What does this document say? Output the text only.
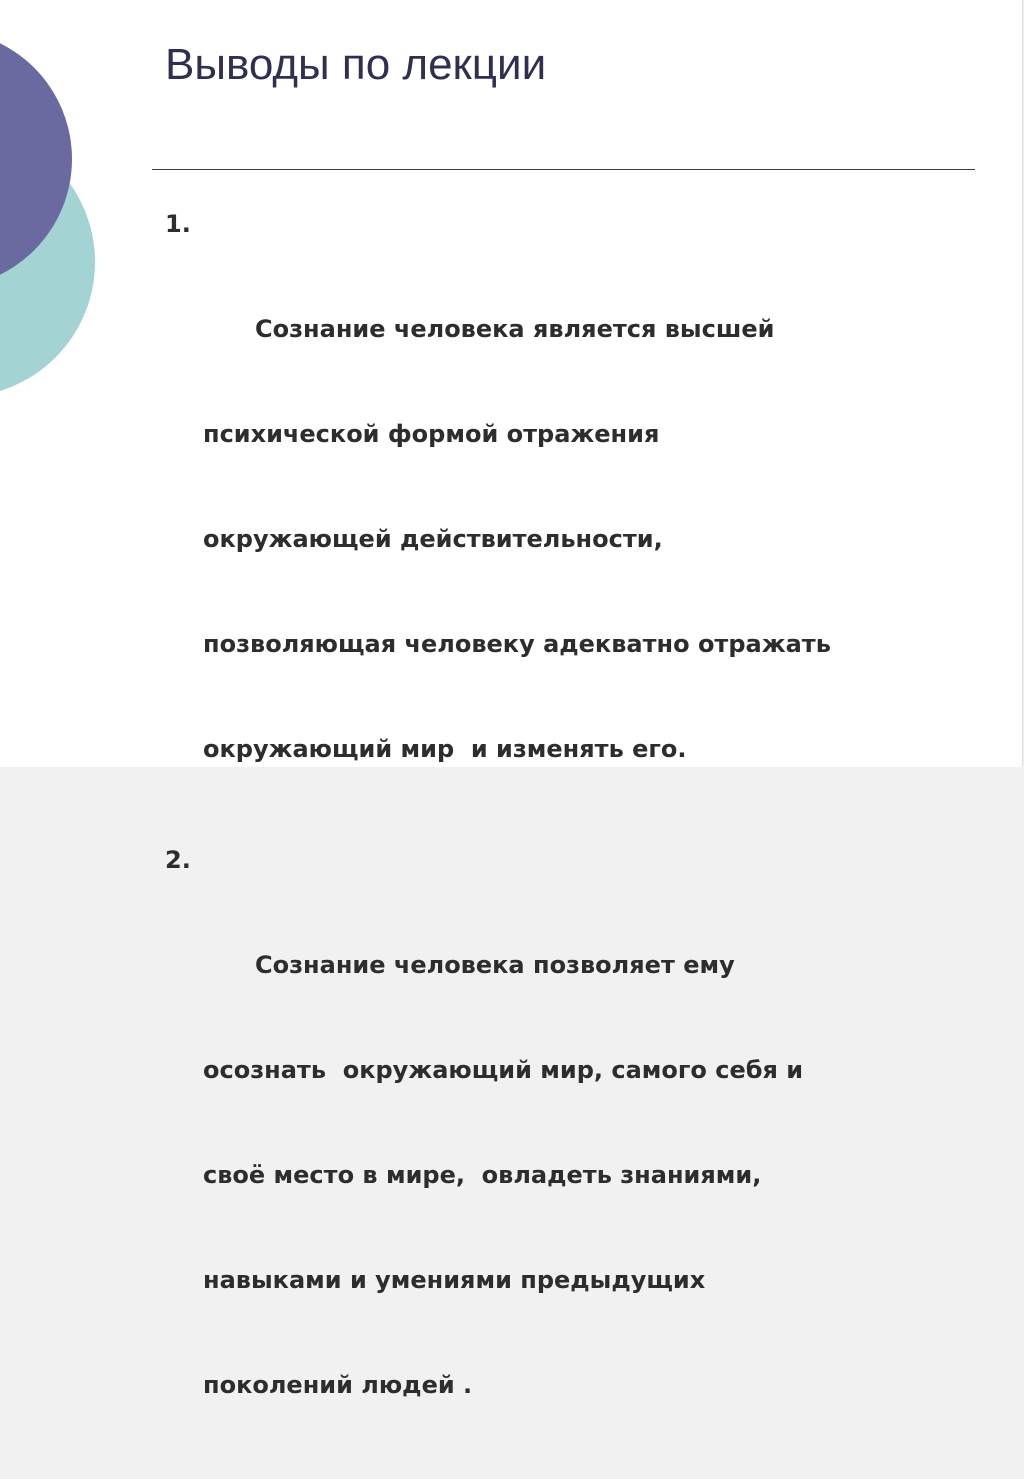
Выводы по лекции

1.

Сознание человека является высшей

психической формой отражения

окружающей действительности,

позволяющая человеку адекватно отражать

окружающий мир  и изменять его.

2.

Сознание человека позволяет ему

осознать  окружающий мир, самого себя и

своё место в мире,  овладеть знаниями,

навыками и умениями предыдущих

поколений людей .
